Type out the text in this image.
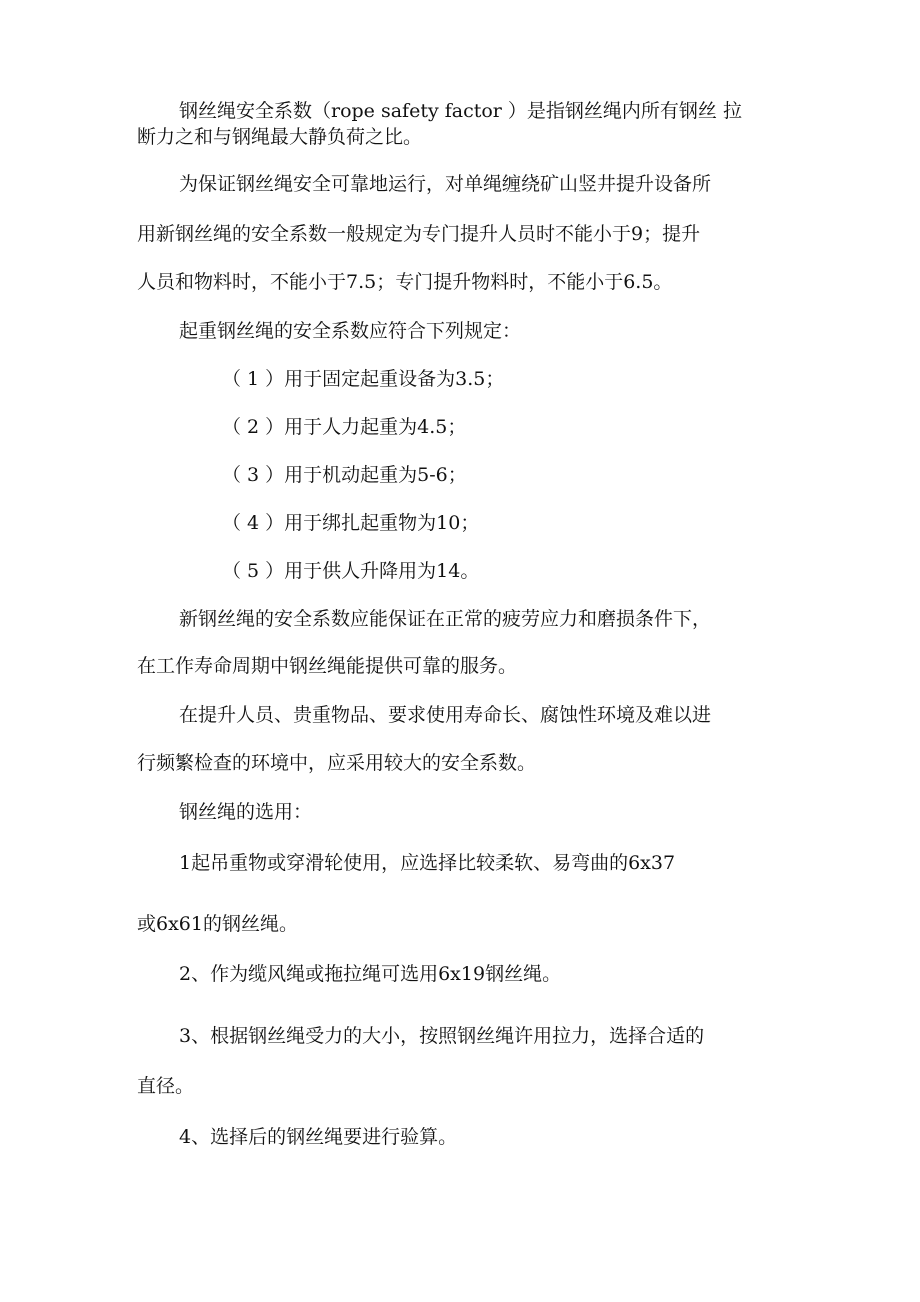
钢丝绳安全系数（rope safety factor ）是指钢丝绳内所有钢丝 拉
断力之和与钢绳最大静负荷之比。
为保证钢丝绳安全可靠地运行，对单绳缠绕矿山竖井提升设备所
用新钢丝绳的安全系数一般规定为专门提升人员时不能小于9；提升
人员和物料时，不能小于7.5；专门提升物料时，不能小于6.5。
起重钢丝绳的安全系数应符合下列规定：
（ 1 ）用于固定起重设备为3.5；
（ 2 ）用于人力起重为4.5；
（ 3 ）用于机动起重为5-6；
（ 4 ）用于绑扎起重物为10；
（ 5 ）用于供人升降用为14。
新钢丝绳的安全系数应能保证在正常的疲劳应力和磨损条件下，
在工作寿命周期中钢丝绳能提供可靠的服务。
在提升人员、贵重物品、要求使用寿命长、腐蚀性环境及难以进
行频繁检查的环境中，应采用较大的安全系数。
钢丝绳的选用：
1起吊重物或穿滑轮使用，应选择比较柔软、易弯曲的6x37
或6x61的钢丝绳。
2、作为缆风绳或拖拉绳可选用6x19钢丝绳。
3、根据钢丝绳受力的大小，按照钢丝绳许用拉力，选择合适的
直径。
4、选择后的钢丝绳要进行验算。
